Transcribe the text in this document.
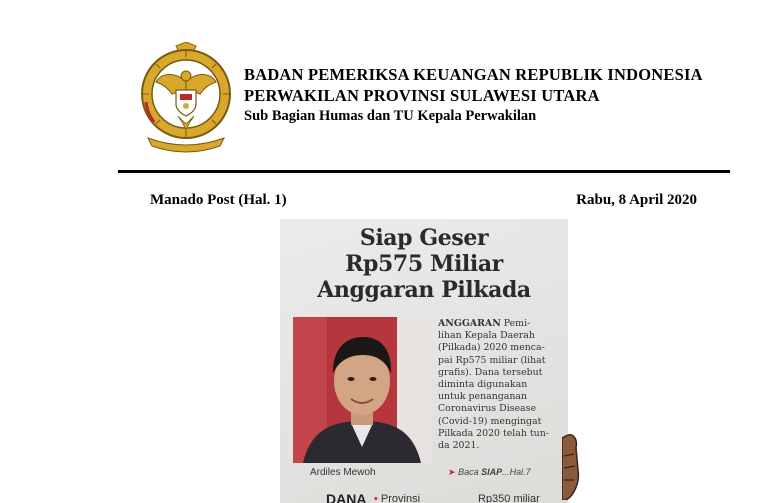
BADAN PEMERIKSA KEUANGAN REPUBLIK INDONESIA
PERWAKILAN PROVINSI SULAWESI UTARA
Sub Bagian Humas dan TU Kepala Perwakilan
Manado Post (Hal. 1)	Rabu, 8 April 2020
Siap Geser
Rp575 Miliar
Anggaran Pilkada
Ardiles Mewoh

ANGGARAN Pemi-

lihan Kepala Daerah

(Pilkada) 2020 menca-

pai Rp575 miliar (lihat

grafis). Dana tersebut

diminta digunakan

untuk penanganan

Coronavirus Disease

(Covid-19) mengingat

Pilkada 2020 telah tun-

da 2021.

➤ Baca SIAP...Hal.7
DANA • Provinsi	Rp350 miliar
